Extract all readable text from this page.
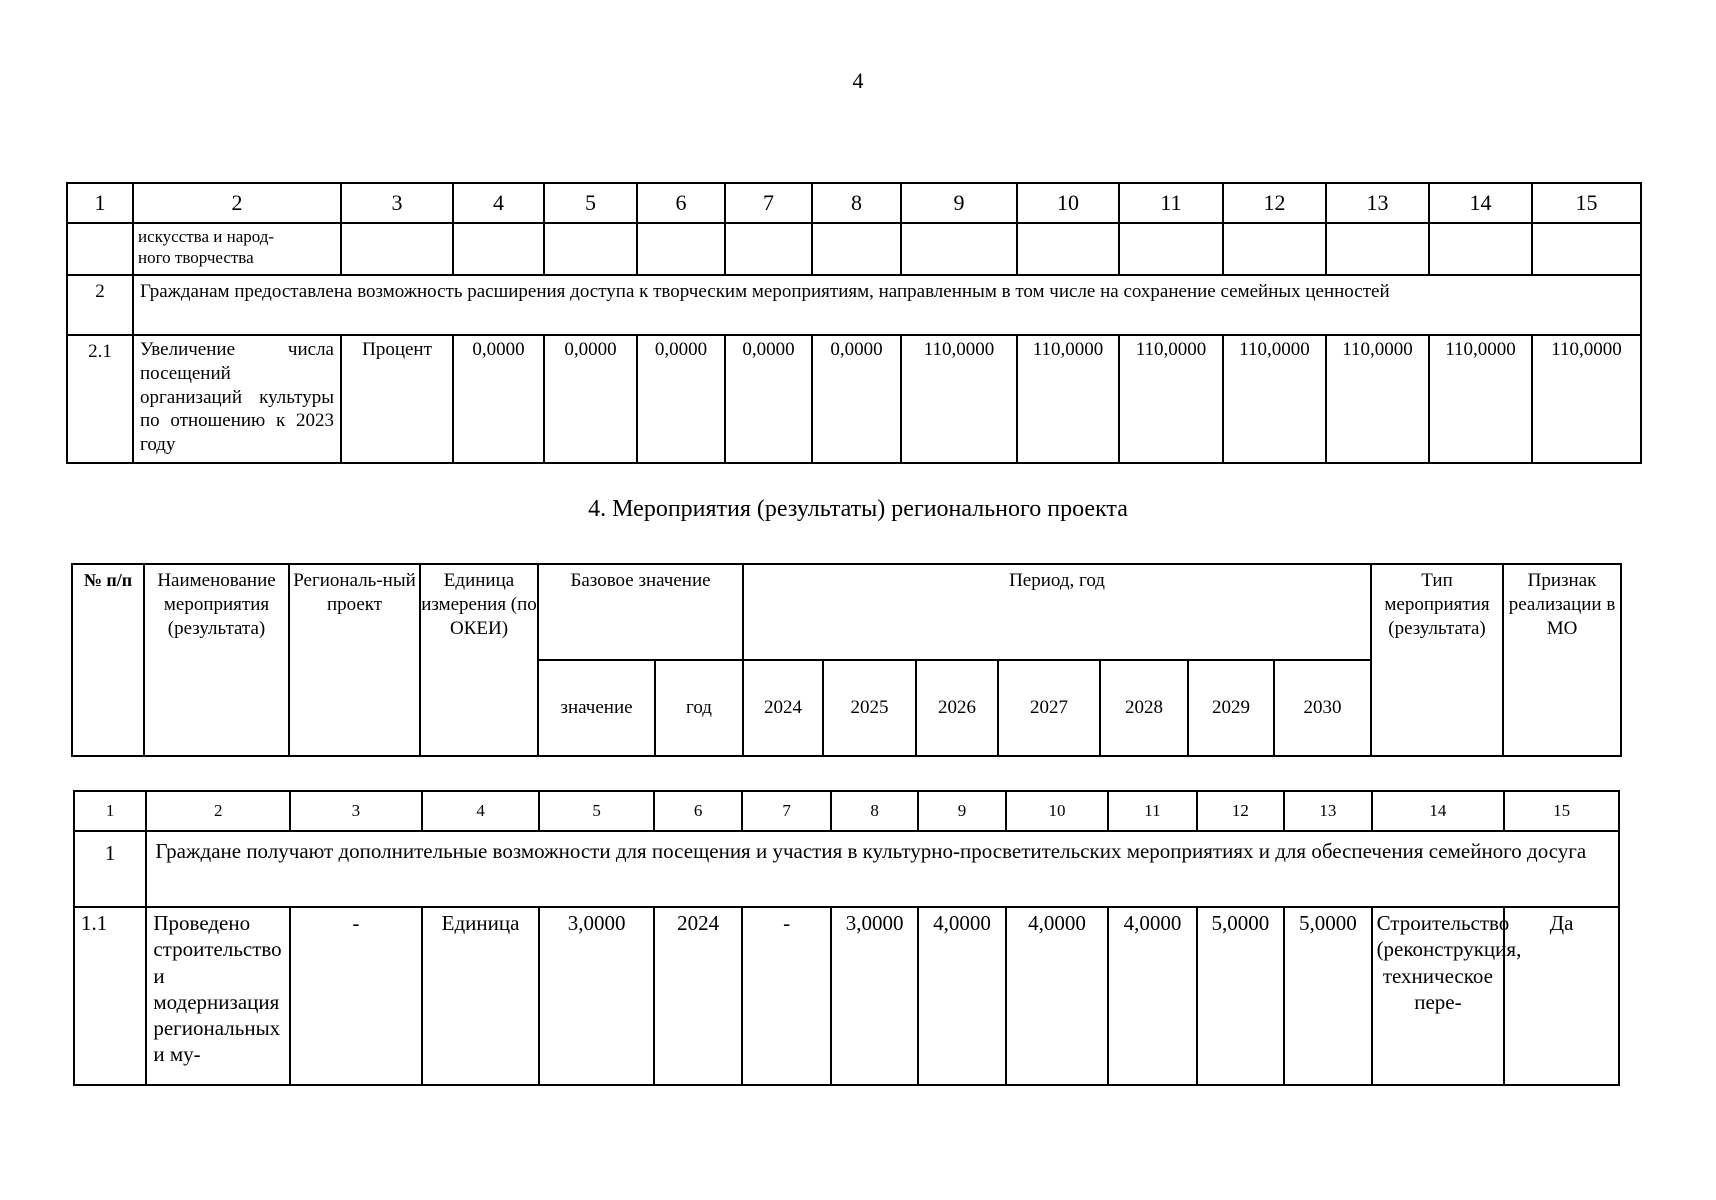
4
1	2	3	4	5	6	7	8	9	10	11	12	13	14	15
	искусства и народ-
ного творчества													
2	Гражданам предоставлена возможность расширения доступа к творческим мероприятиям, направленным в том числе на сохранение семейных ценностей													
2.1	Увеличение числа посещений организаций культуры по отношению к 2023 году	Процент	0,0000	0,0000	0,0000	0,0000	0,0000	110,0000	110,0000	110,0000	110,0000	110,0000	110,0000	110,0000
4. Мероприятия (результаты) регионального проекта
№ п/п	Наименование мероприятия (результата)	Региональ-ный проект	Единица измерения (по ОКЕИ)	Базовое значение		Период, год							Тип мероприятия (результата)	Признак реализации в МО
				значение	год	2024	2025	2026	2027	2028	2029	2030		
1	2	3	4	5	6	7	8	9	10	11	12	13	14	15
1	Граждане получают дополнительные возможности для посещения и участия в культурно-просветительских мероприятиях и для обеспечения семейного досуга													
1.1	Проведено строительство и модернизация региональных и му-	-	Единица	3,0000	2024	-	3,0000	4,0000	4,0000	4,0000	5,0000	5,0000	Строительство (реконструкция, техническое пере-	Да
